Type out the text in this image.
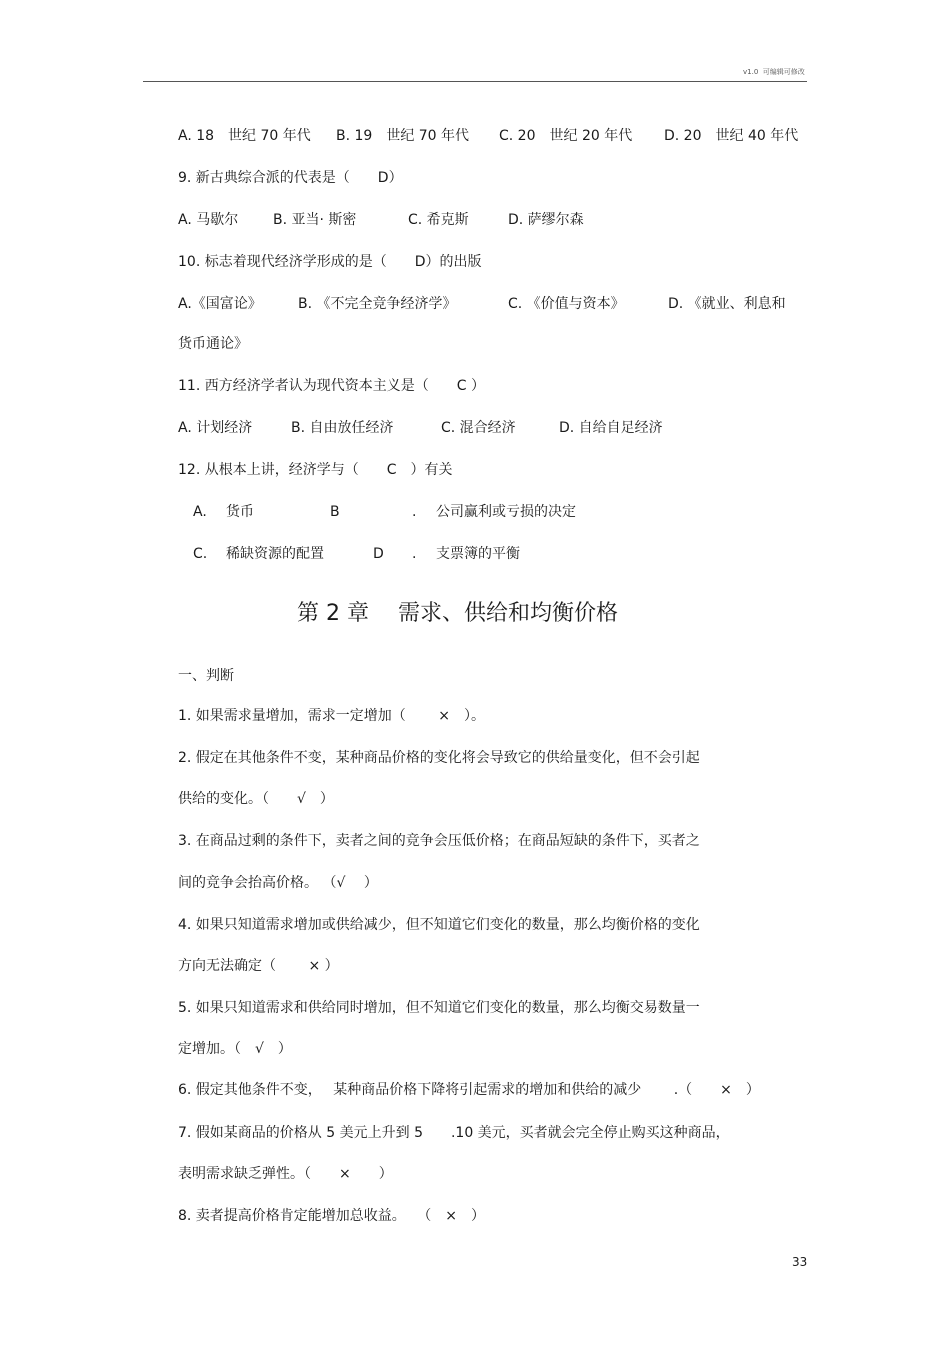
v1.0 可编辑可修改
A. 18　世纪 70 年代 B. 19　世纪 70 年代 C. 20　世纪 20 年代 D. 20　世纪 40 年代
9. 新古典综合派的代表是（　　D）
A. 马歇尔 B. 亚当· 斯密	C. 希克斯	D. 萨缪尔森
10. 标志着现代经济学形成的是（　　D）的出版
A.《国富论》	B. 《不完全竞争经济学》	C. 《价值与资本》	D. 《就业、利息和
货币通论》
11. 西方经济学者认为现代资本主义是（　　C ）
A. 计划经济	B. 自由放任经济	C. 混合经济	D. 自给自足经济
12. 从根本上讲，经济学与（　　C　）有关
A. 货币	B	. 公司赢利或亏损的决定
C. 稀缺资源的配置	D . 支票簿的平衡
第 2 章 需求、供给和均衡价格
一、判断
1. 如果需求量增加，需求一定增加（　　 ×　）。
2. 假定在其他条件不变，某种商品价格的变化将会导致它的供给量变化，但不会引起
供给的变化。（　　√　）
3. 在商品过剩的条件下，卖者之间的竞争会压低价格；在商品短缺的条件下，买者之
间的竞争会抬高价格。 （√　 ）
4. 如果只知道需求增加或供给减少，但不知道它们变化的数量，那么均衡价格的变化
方向无法确定（　　 × ）
5. 如果只知道需求和供给同时增加，但不知道它们变化的数量，那么均衡交易数量一
定增加。（　√　）
6. 假定其他条件不变，　 某种商品价格下降将引起需求的增加和供给的减少　　 .（　　×　）
7. 假如某商品的价格从 5 美元上升到 5　　.10 美元，买者就会完全停止购买这种商品，
表明需求缺乏弹性。（　　×　　）
8. 卖者提高价格肯定能增加总收益。　 （　×　）
33
